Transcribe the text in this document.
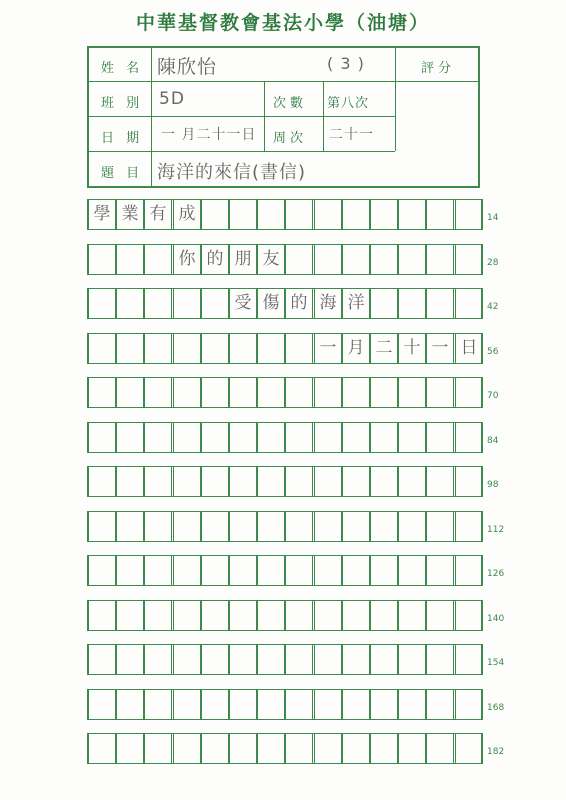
中華基督教會基法小學（油塘）
姓 名 陳欣怡	( 3 )	評分
班 別 5D	次數 第八次
日 期 一 月二十一日 周次 二十一
題 目 海洋的來信(書信)
學 業 有 成	14
你 的 朋 友	28
受 傷 的 海 洋	42
一 月 二 十 一 日	56
70
84
98
112
126
140
154
168
182
